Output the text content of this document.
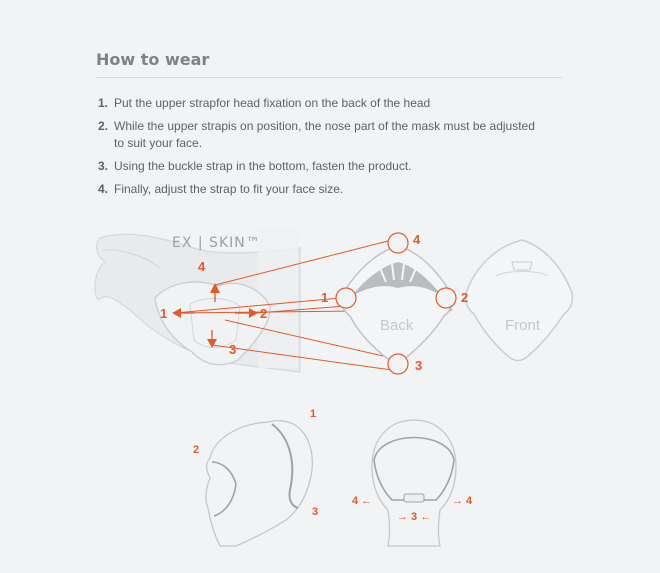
How to wear
1. Put the upper strapfor head fixation on the back of the head
2. While the upper strapis on position, the nose part of the mask must be adjusted to suit your face.
3. Using the buckle strap in the bottom, fasten the product.
4. Finally, adjust the strap to fit your face size.
EX | SKIN™
Back	Front
4
1	2
3
4
1	2
3
1
2
3
4 ←	→ 4
→ 3 ←
